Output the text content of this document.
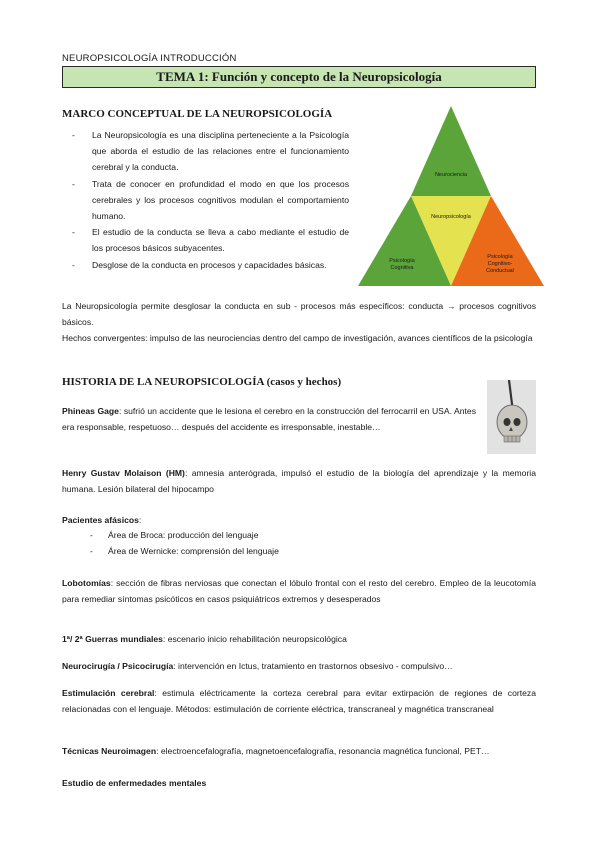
NEUROPSICOLOGÍA INTRODUCCIÓN
TEMA 1: Función y concepto de la Neuropsicología
MARCO CONCEPTUAL DE LA NEUROPSICOLOGÍA
- La Neuropsicología es una disciplina perteneciente a la Psicología que aborda el estudio de las relaciones entre el funcionamiento cerebral y la conducta.
- Trata de conocer en profundidad el modo en que los procesos cerebrales y los procesos cognitivos modulan el comportamiento humano.
- El estudio de la conducta se lleva a cabo mediante el estudio de los procesos básicos subyacentes.
- Desglose de la conducta en procesos y capacidades básicas.
Neurociencia
Neuropsicología
Psicología
Cognitiva
Psicología
Cognitivo-
Conductual
La Neuropsicología permite desglosar la conducta en sub - procesos más específicos: conducta → procesos cognitivos básicos.
Hechos convergentes: impulso de las neurociencias dentro del campo de investigación, avances científicos de la psicología
HISTORIA DE LA NEUROPSICOLOGÍA (casos y hechos)
Phineas Gage: sufrió un accidente que le lesiona el cerebro en la construcción del ferrocarril en USA. Antes era responsable, respetuoso… después del accidente es irresponsable, inestable…
Henry Gustav Molaison (HM): amnesia anterógrada, impulsó el estudio de la biología del aprendizaje y la memoria humana. Lesión bilateral del hipocampo
Pacientes afásicos:
- Área de Broca: producción del lenguaje
- Área de Wernicke: comprensión del lenguaje
Lobotomías: sección de fibras nerviosas que conectan el lóbulo frontal con el resto del cerebro. Empleo de la leucotomía para remediar síntomas psicóticos en casos psiquiátricos extremos y desesperados
1ª/ 2ª Guerras mundiales: escenario inicio rehabilitación neuropsicológica
Neurocirugía / Psicocirugía: intervención en Ictus, tratamiento en trastornos obsesivo - compulsivo…
Estimulación cerebral: estimula eléctricamente la corteza cerebral para evitar extirpación de regiones de corteza relacionadas con el lenguaje. Métodos: estimulación de corriente eléctrica, transcraneal y magnética transcraneal
Técnicas Neuroimagen: electroencefalografía, magnetoencefalografía, resonancia magnética funcional, PET…
Estudio de enfermedades mentales
